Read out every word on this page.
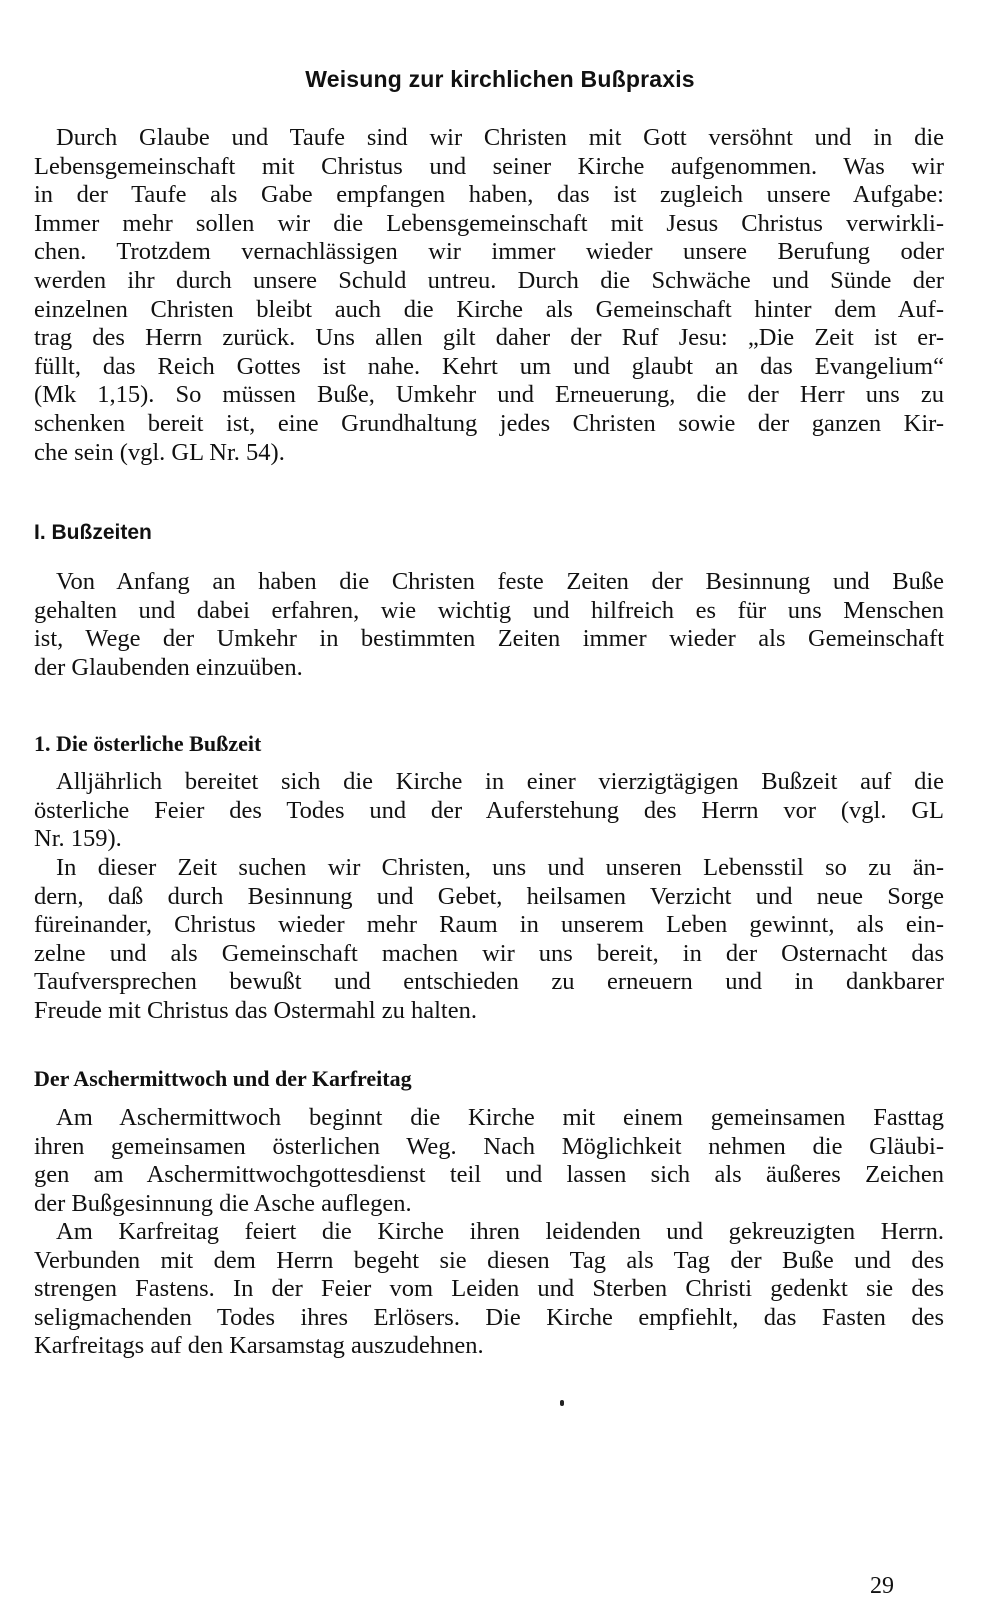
Weisung zur kirchlichen Bußpraxis
Durch Glaube und Taufe sind wir Christen mit Gott versöhnt und in die
Lebensgemeinschaft mit Christus und seiner Kirche aufgenommen. Was wir
in der Taufe als Gabe empfangen haben, das ist zugleich unsere Aufgabe:
Immer mehr sollen wir die Lebensgemeinschaft mit Jesus Christus verwirkli-
chen. Trotzdem vernachlässigen wir immer wieder unsere Berufung oder
werden ihr durch unsere Schuld untreu. Durch die Schwäche und Sünde der
einzelnen Christen bleibt auch die Kirche als Gemeinschaft hinter dem Auf-
trag des Herrn zurück. Uns allen gilt daher der Ruf Jesu: „Die Zeit ist er-
füllt, das Reich Gottes ist nahe. Kehrt um und glaubt an das Evangelium“
(Mk 1,15). So müssen Buße, Umkehr und Erneuerung, die der Herr uns zu
schenken bereit ist, eine Grundhaltung jedes Christen sowie der ganzen Kir-
che sein (vgl. GL Nr. 54).
I. Bußzeiten
Von Anfang an haben die Christen feste Zeiten der Besinnung und Buße
gehalten und dabei erfahren, wie wichtig und hilfreich es für uns Menschen
ist, Wege der Umkehr in bestimmten Zeiten immer wieder als Gemeinschaft
der Glaubenden einzuüben.
1. Die österliche Bußzeit
Alljährlich bereitet sich die Kirche in einer vierzigtägigen Bußzeit auf die
österliche Feier des Todes und der Auferstehung des Herrn vor (vgl. GL
Nr. 159).
In dieser Zeit suchen wir Christen, uns und unseren Lebensstil so zu än-
dern, daß durch Besinnung und Gebet, heilsamen Verzicht und neue Sorge
füreinander, Christus wieder mehr Raum in unserem Leben gewinnt, als ein-
zelne und als Gemeinschaft machen wir uns bereit, in der Osternacht das
Taufversprechen bewußt und entschieden zu erneuern und in dankbarer
Freude mit Christus das Ostermahl zu halten.
Der Aschermittwoch und der Karfreitag
Am Aschermittwoch beginnt die Kirche mit einem gemeinsamen Fasttag
ihren gemeinsamen österlichen Weg. Nach Möglichkeit nehmen die Gläubi-
gen am Aschermittwochgottesdienst teil und lassen sich als äußeres Zeichen
der Bußgesinnung die Asche auflegen.
Am Karfreitag feiert die Kirche ihren leidenden und gekreuzigten Herrn.
Verbunden mit dem Herrn begeht sie diesen Tag als Tag der Buße und des
strengen Fastens. In der Feier vom Leiden und Sterben Christi gedenkt sie des
seligmachenden Todes ihres Erlösers. Die Kirche empfiehlt, das Fasten des
Karfreitags auf den Karsamstag auszudehnen.
29
